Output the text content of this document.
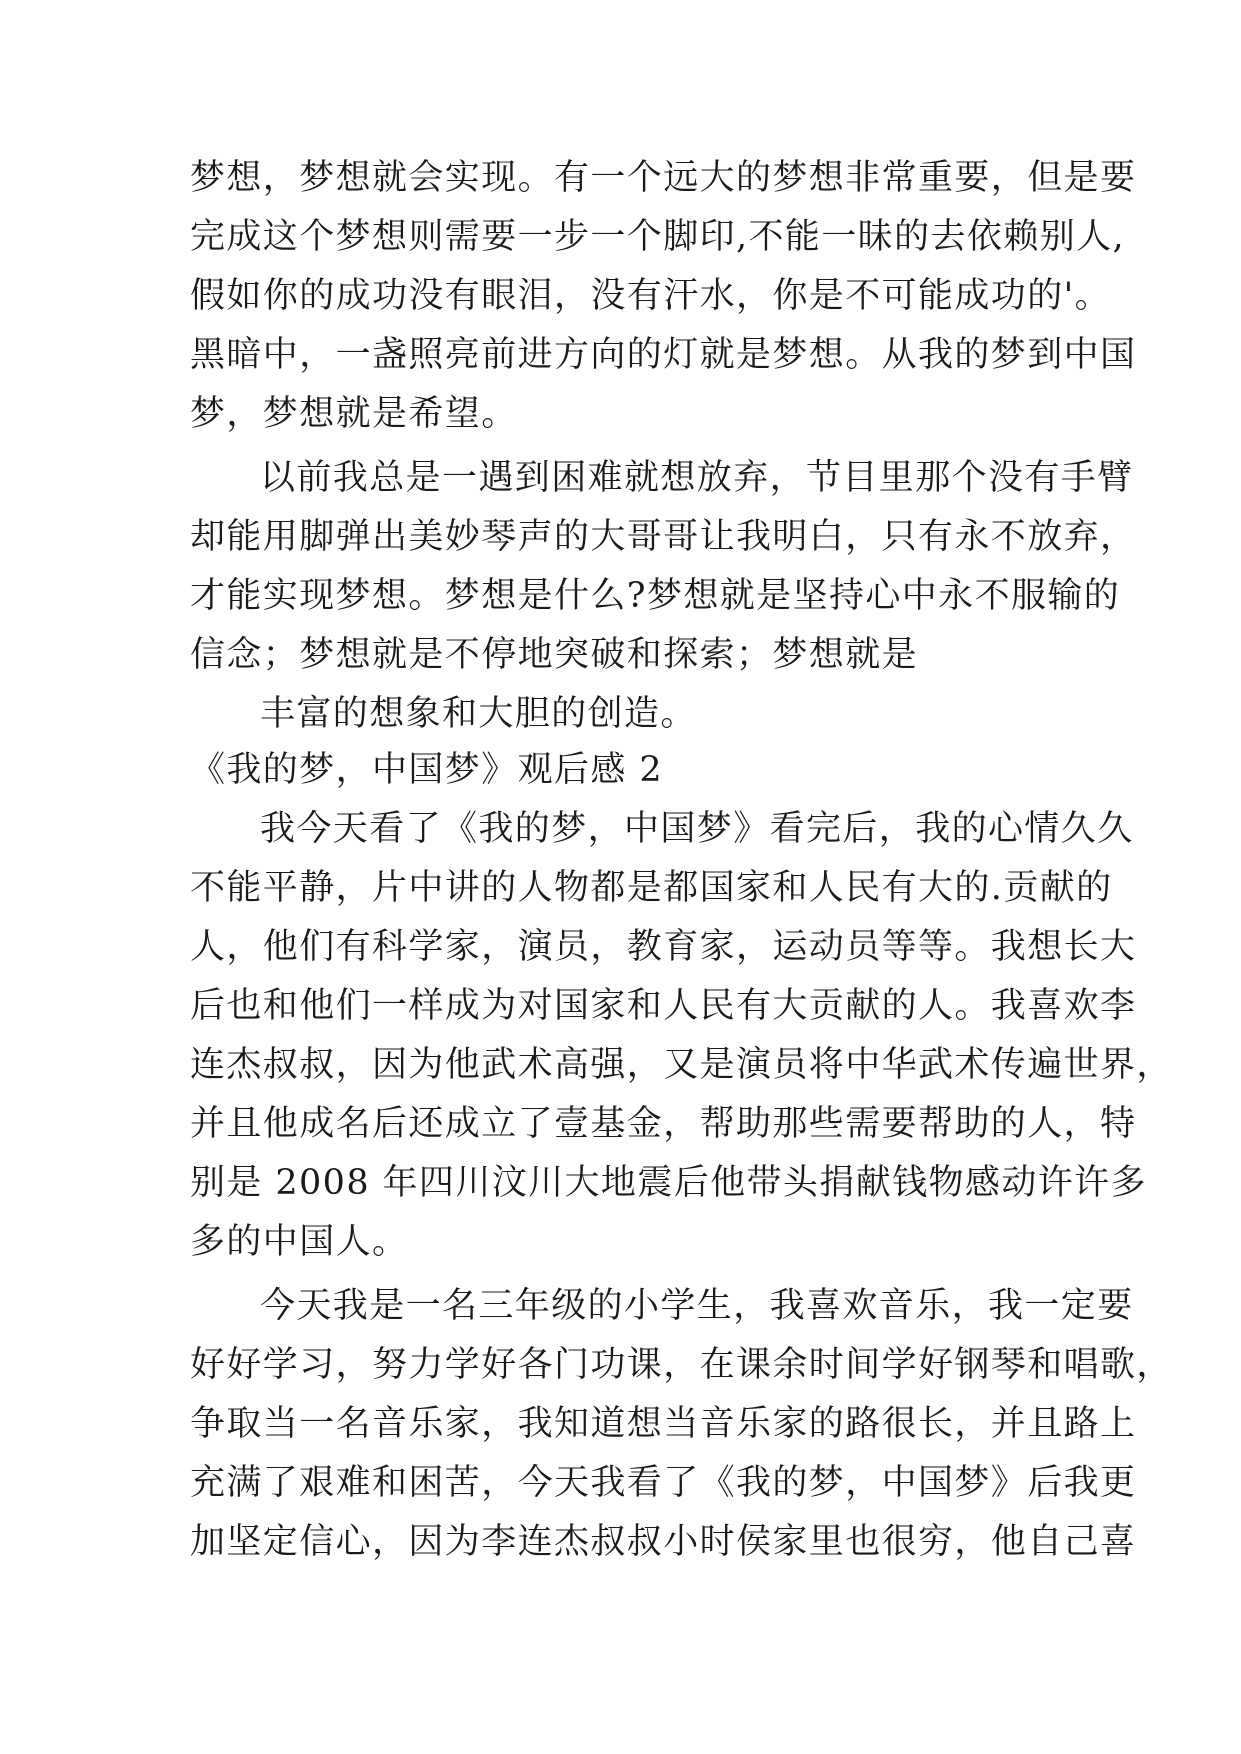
梦想，梦想就会实现。有一个远大的梦想非常重要，但是要
完成这个梦想则需要一步一个脚印,不能一昧的去依赖别人,
假如你的成功没有眼泪，没有汗水，你是不可能成功的'。
黑暗中，一盏照亮前进方向的灯就是梦想。从我的梦到中国
梦，梦想就是希望。
以前我总是一遇到困难就想放弃，节目里那个没有手臂
却能用脚弹出美妙琴声的大哥哥让我明白，只有永不放弃，
才能实现梦想。梦想是什么?梦想就是坚持心中永不服输的
信念；梦想就是不停地突破和探索；梦想就是
丰富的想象和大胆的创造。
《我的梦，中国梦》观后感 2
我今天看了《我的梦，中国梦》看完后，我的心情久久
不能平静，片中讲的人物都是都国家和人民有大的.贡献的
人，他们有科学家，演员，教育家，运动员等等。我想长大
后也和他们一样成为对国家和人民有大贡献的人。我喜欢李
连杰叔叔，因为他武术高强，又是演员将中华武术传遍世界，
并且他成名后还成立了壹基金，帮助那些需要帮助的人，特
别是 2008 年四川汶川大地震后他带头捐献钱物感动许许多
多的中国人。
今天我是一名三年级的小学生，我喜欢音乐，我一定要
好好学习，努力学好各门功课，在课余时间学好钢琴和唱歌，
争取当一名音乐家，我知道想当音乐家的路很长，并且路上
充满了艰难和困苦，今天我看了《我的梦，中国梦》后我更
加坚定信心，因为李连杰叔叔小时侯家里也很穷，他自己喜
